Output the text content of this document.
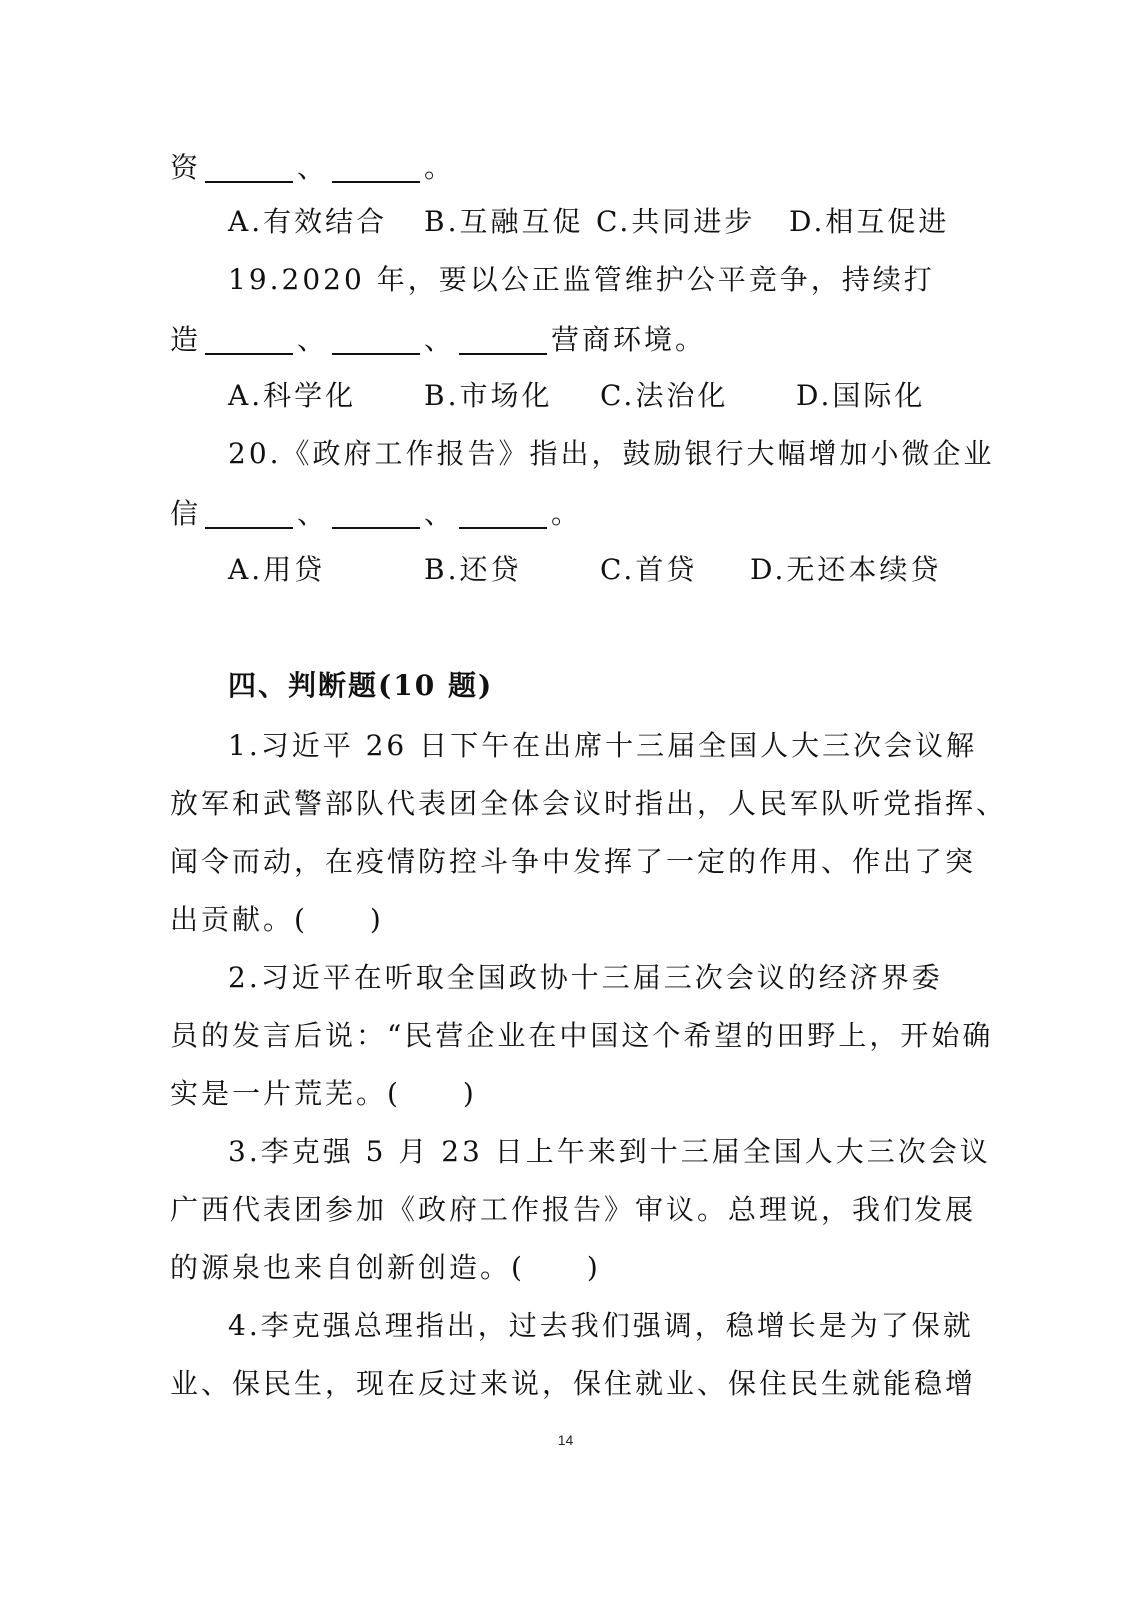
资	、	。
A.有效结合 B.互融互促 C.共同进步 D.相互促进
19.2020 年，要以公正监管维护公平竞争，持续打
造	、	、	营商环境。
A.科学化 B.市场化 C.法治化 D.国际化
20.《政府工作报告》指出，鼓励银行大幅增加小微企业
信	、	、	。
A.用贷	B.还贷	C.首贷 D.无还本续贷
四、判断题(10 题)
1.习近平 26 日下午在出席十三届全国人大三次会议解
放军和武警部队代表团全体会议时指出，人民军队听党指挥、
闻令而动，在疫情防控斗争中发挥了一定的作用、作出了突
出贡献。(　　)
2.习近平在听取全国政协十三届三次会议的经济界委
员的发言后说：“民营企业在中国这个希望的田野上，开始确
实是一片荒芜。(　　)
3.李克强 5 月 23 日上午来到十三届全国人大三次会议
广西代表团参加《政府工作报告》审议。总理说，我们发展
的源泉也来自创新创造。(　　)
4.李克强总理指出，过去我们强调，稳增长是为了保就
业、保民生，现在反过来说，保住就业、保住民生就能稳增
14
